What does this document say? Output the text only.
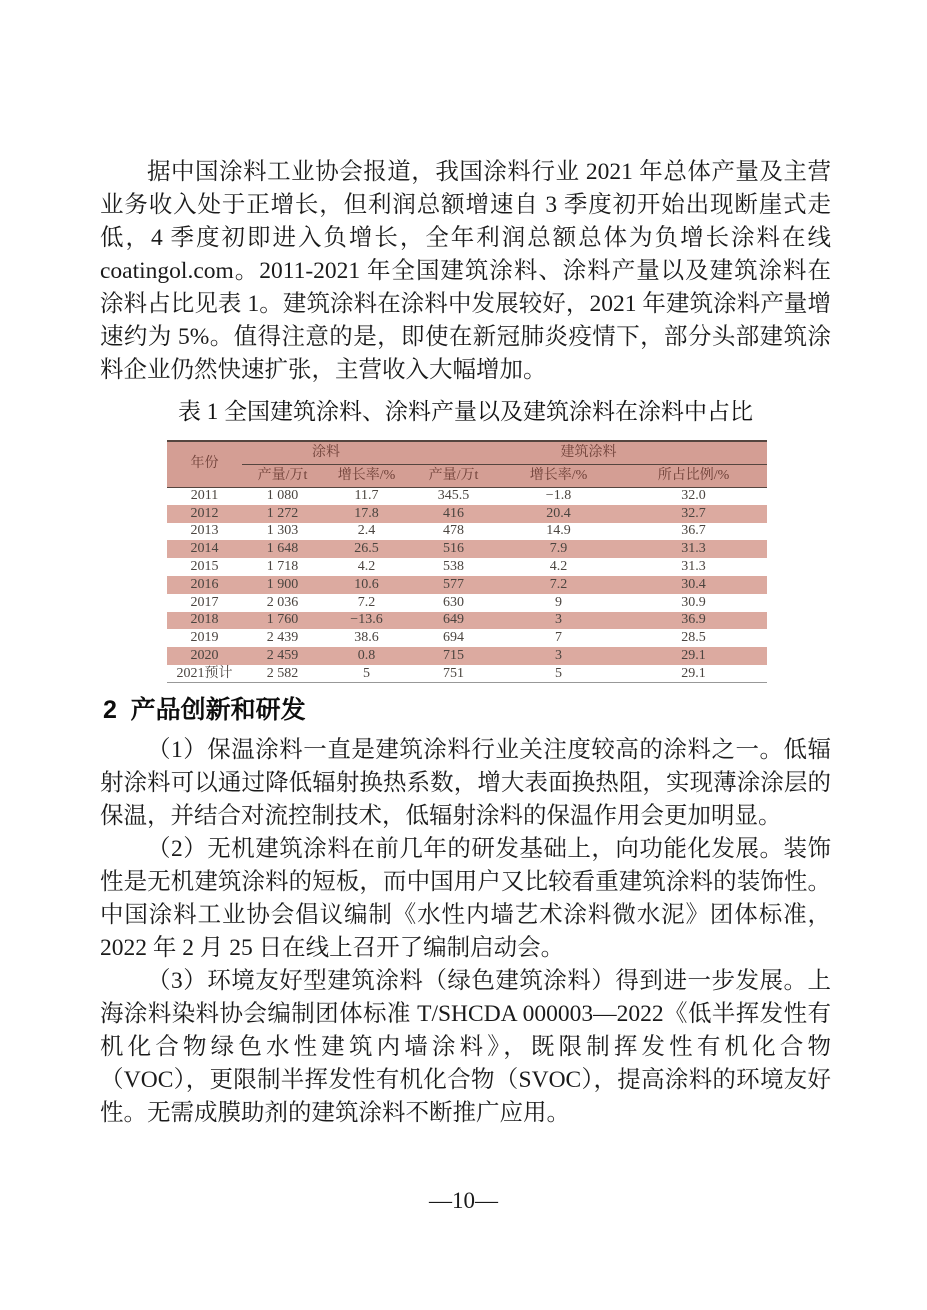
据中国涂料工业协会报道，我国涂料行业 2021 年总体产量及主营业务收入处于正增长，但利润总额增速自 3 季度初开始出现断崖式走低，4 季度初即进入负增长，全年利润总额总体为负增长涂料在线coatingol.com。2011-2021 年全国建筑涂料、涂料产量以及建筑涂料在涂料占比见表 1。建筑涂料在涂料中发展较好，2021 年建筑涂料产量增速约为 5%。值得注意的是，即使在新冠肺炎疫情下，部分头部建筑涂料企业仍然快速扩张，主营收入大幅增加。

表 1 全国建筑涂料、涂料产量以及建筑涂料在涂料中占比
年份	涂料		建筑涂料		
	产量/万t	增长率/%	产量/万t	增长率/%	所占比例/%
2011	1 080	11.7	345.5	−1.8	32.0
2012	1 272	17.8	416	20.4	32.7
2013	1 303	2.4	478	14.9	36.7
2014	1 648	26.5	516	7.9	31.3
2015	1 718	4.2	538	4.2	31.3
2016	1 900	10.6	577	7.2	30.4
2017	2 036	7.2	630	9	30.9
2018	1 760	−13.6	649	3	36.9
2019	2 439	38.6	694	7	28.5
2020	2 459	0.8	715	3	29.1
2021预计	2 582	5	751	5	29.1
2 产品创新和研发

（1）保温涂料一直是建筑涂料行业关注度较高的涂料之一。低辐射涂料可以通过降低辐射换热系数，增大表面换热阻，实现薄涂涂层的保温，并结合对流控制技术，低辐射涂料的保温作用会更加明显。

（2）无机建筑涂料在前几年的研发基础上，向功能化发展。装饰性是无机建筑涂料的短板，而中国用户又比较看重建筑涂料的装饰性。中国涂料工业协会倡议编制《水性内墙艺术涂料微水泥》团体标准，2022 年 2 月 25 日在线上召开了编制启动会。

（3）环境友好型建筑涂料（绿色建筑涂料）得到进一步发展。上海涂料染料协会编制团体标准 T/SHCDA 000003—2022《低半挥发性有机化合物绿色水性建筑内墙涂料》，既限制挥发性有机化合物（VOC），更限制半挥发性有机化合物（SVOC），提高涂料的环境友好性。无需成膜助剂的建筑涂料不断推广应用。

—10—
